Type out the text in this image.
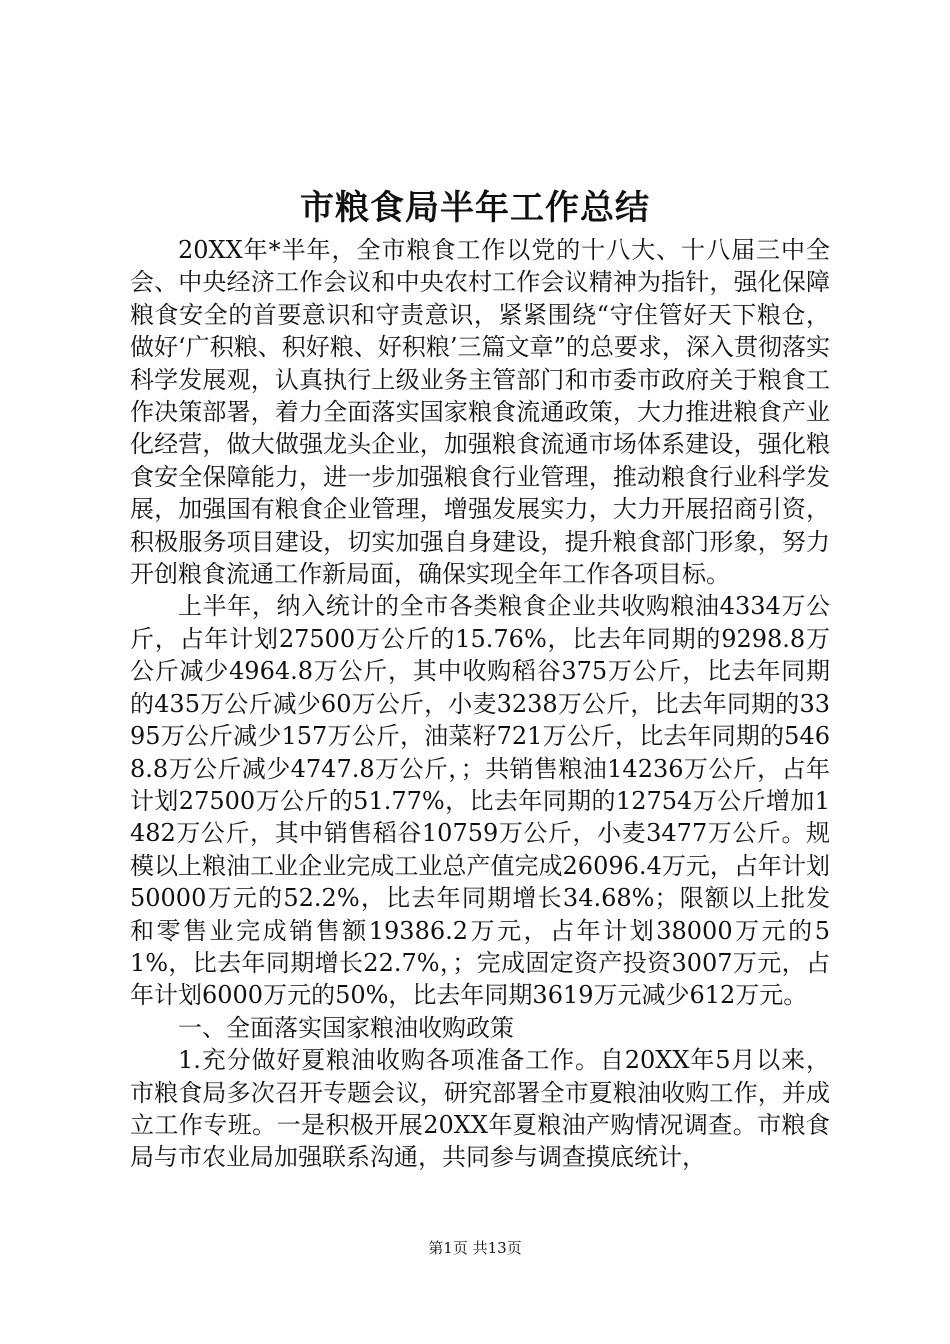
市粮食局半年工作总结

20XX年*半年，全市粮食工作以党的十八大、十八届三中全会、中央经济工作会议和中央农村工作会议精神为指针，强化保障粮食安全的首要意识和守责意识，紧紧围绕“守住管好天下粮仓，做好‘广积粮、积好粮、好积粮’三篇文章”的总要求，深入贯彻落实科学发展观，认真执行上级业务主管部门和市委市政府关于粮食工作决策部署，着力全面落实国家粮食流通政策，大力推进粮食产业化经营，做大做强龙头企业，加强粮食流通市场体系建设，强化粮食安全保障能力，进一步加强粮食行业管理，推动粮食行业科学发展，加强国有粮食企业管理，增强发展实力，大力开展招商引资，积极服务项目建设，切实加强自身建设，提升粮食部门形象，努力开创粮食流通工作新局面，确保实现全年工作各项目标。

上半年，纳入统计的全市各类粮食企业共收购粮油4334万公斤，占年计划27500万公斤的15.76%，比去年同期的9298.8万公斤减少4964.8万公斤，其中收购稻谷375万公斤，比去年同期的435万公斤减少60万公斤，小麦3238万公斤，比去年同期的3395万公斤减少157万公斤，油菜籽721万公斤，比去年同期的5468.8万公斤减少4747.8万公斤，；共销售粮油14236万公斤，占年计划27500万公斤的51.77%，比去年同期的12754万公斤增加1482万公斤，其中销售稻谷10759万公斤，小麦3477万公斤。规模以上粮油工业企业完成工业总产值完成26096.4万元，占年计划50000万元的52.2%，比去年同期增长34.68%；限额以上批发和零售业完成销售额19386.2万元，占年计划38000万元的51%，比去年同期增长22.7%，；完成固定资产投资3007万元，占年计划6000万元的50%，比去年同期3619万元减少612万元。

一、全面落实国家粮油收购政策

1.充分做好夏粮油收购各项准备工作。自20XX年5月以来，市粮食局多次召开专题会议，研究部署全市夏粮油收购工作，并成立工作专班。一是积极开展20XX年夏粮油产购情况调查。市粮食局与市农业局加强联系沟通，共同参与调查摸底统计，

第1页 共13页
